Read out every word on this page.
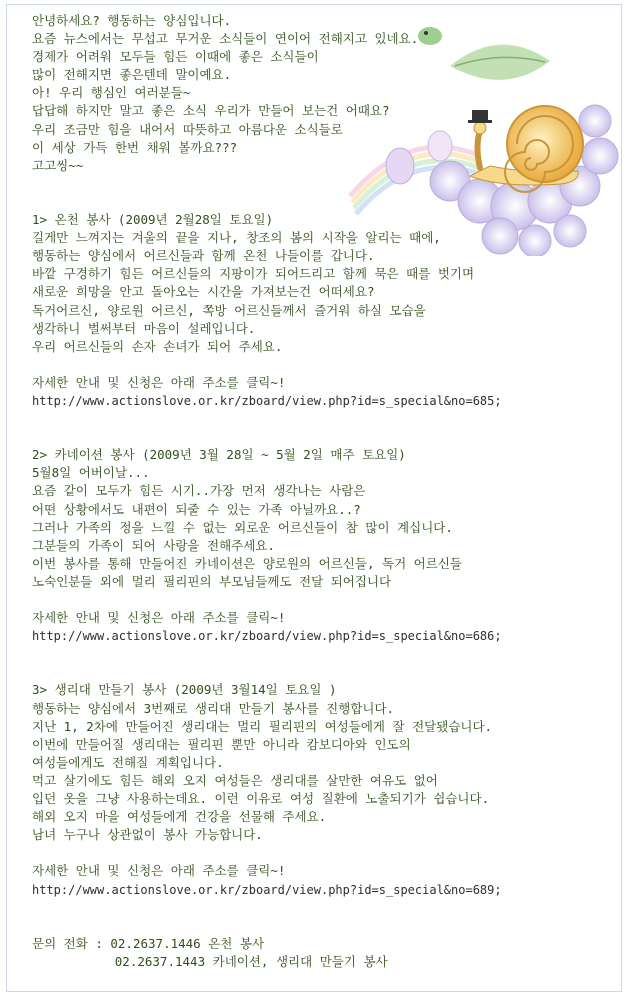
안녕하세요? 행동하는 양심입니다.
요즘 뉴스에서는 무섭고 무거운 소식들이 연이어 전해지고 있네요.
경제가 어려워 모두들 힘든 이때에 좋은 소식들이
많이 전해지면 좋은텐데 말이예요.
아! 우리 행심인 여러분들~
답답해 하지만 말고 좋은 소식 우리가 만들어 보는건 어때요?
우리 조금만 힘을 내어서 따뜻하고 아름다운 소식들로
이 세상 가득 한번 채워 볼까요???
고고씽~~
1> 온천 봉사 (2009년 2월28일 토요일)
길게만 느껴지는 겨울의 끝을 지나, 창조의 봄의 시작을 알리는 때에,
행동하는 양심에서 어르신들과 함께 온천 나들이를 갑니다.
바깥 구경하기 힘든 어르신들의 지팡이가 되어드리고 함께 묵은 때를 벗기며
새로운 희망을 안고 돌아오는 시간을 가져보는건 어떠세요?
독거어르신, 양로원 어르신, 쪽방 어르신들께서 즐거워 하실 모습을
생각하니 벌써부터 마음이 설레입니다.
우리 어르신들의 손자 손녀가 되어 주세요.
자세한 안내 및 신청은 아래 주소를 클릭~!
http://www.actionslove.or.kr/zboard/view.php?id=s_special&no=685;
2> 카네이션 봉사 (2009년 3월 28일 ~ 5월 2일 매주 토요일)
5월8일 어버이날...
요즘 같이 모두가 힘든 시기..가장 먼저 생각나는 사람은
어떤 상황에서도 내편이 되줄 수 있는 가족 아닐까요..?
그러나 가족의 정을 느낄 수 없는 외로운 어르신들이 참 많이 계십니다.
그분들의 가족이 되어 사랑을 전해주세요.
이번 봉사를 통해 만들어진 카네이션은 양로원의 어르신들, 독거 어르신들
노숙인분들 외에 멀리 필리핀의 부모님들께도 전달 되어집니다
자세한 안내 및 신청은 아래 주소를 클릭~!
http://www.actionslove.or.kr/zboard/view.php?id=s_special&no=686;
3> 생리대 만들기 봉사 (2009년 3월14일 토요일 )
행동하는 양심에서 3번째로 생리대 만들기 봉사를 진행합니다.
지난 1, 2차에 만들어진 생리대는 멀리 필리핀의 여성들에게 잘 전달됐습니다.
이번에 만들어질 생리대는 필리핀 뿐만 아니라 캄보디아와 인도의
여성들에게도 전해질 계획입니다.
먹고 살기에도 힘든 해외 오지 여성들은 생리대를 살만한 여유도 없어
입던 옷을 그냥 사용하는데요. 이런 이유로 여성 질환에 노출되기가 쉽습니다.
해외 오지 마을 여성들에게 건강을 선물해 주세요.
남녀 누구나 상관없이 봉사 가능합니다.
자세한 안내 및 신청은 아래 주소를 클릭~!
http://www.actionslove.or.kr/zboard/view.php?id=s_special&no=689;
문의 전화 : 02.2637.1446 온천 봉사
02.2637.1443 카네이션, 생리대 만들기 봉사
